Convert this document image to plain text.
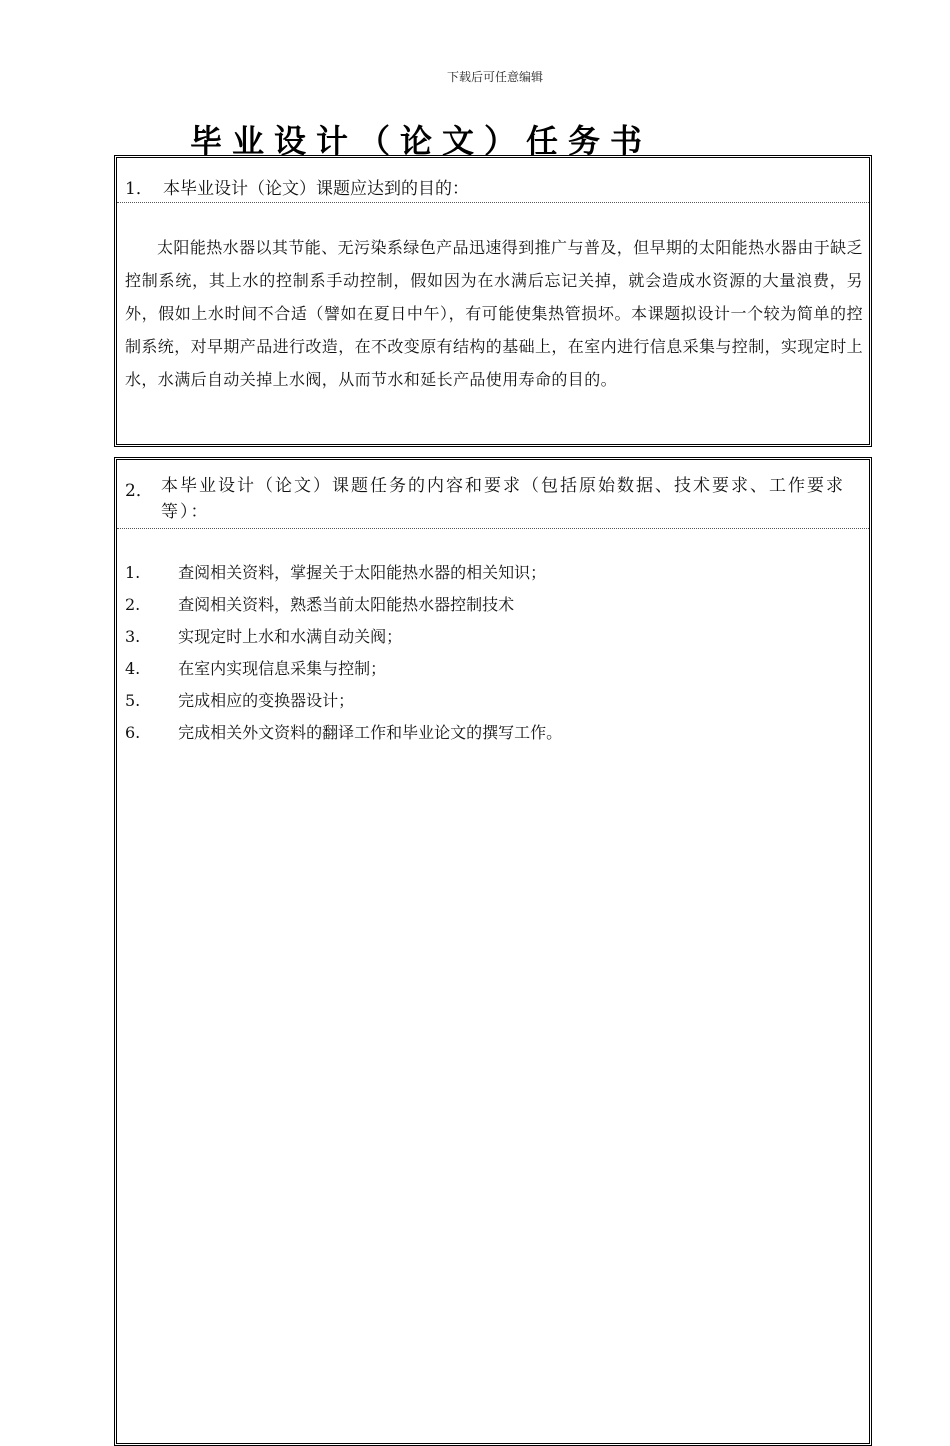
下载后可任意编辑
毕业设计（论文）任务书
1． 本毕业设计（论文）课题应达到的目的：
太阳能热水器以其节能、无污染系绿色产品迅速得到推广与普及，但早期的太阳能热水器由于缺乏控制系统，其上水的控制系手动控制，假如因为在水满后忘记关掉，就会造成水资源的大量浪费，另外，假如上水时间不合适（譬如在夏日中午），有可能使集热管损坏。本课题拟设计一个较为简单的控制系统，对早期产品进行改造，在不改变原有结构的基础上，在室内进行信息采集与控制，实现定时上水，水满后自动关掉上水阀，从而节水和延长产品使用寿命的目的。
2． 本毕业设计（论文）课题任务的内容和要求（包括原始数据、技术要求、工作要求等）：
1. 查阅相关资料，掌握关于太阳能热水器的相关知识；
2. 查阅相关资料，熟悉当前太阳能热水器控制技术
3. 实现定时上水和水满自动关阀；
4. 在室内实现信息采集与控制；
5. 完成相应的变换器设计；
6. 完成相关外文资料的翻译工作和毕业论文的撰写工作。
